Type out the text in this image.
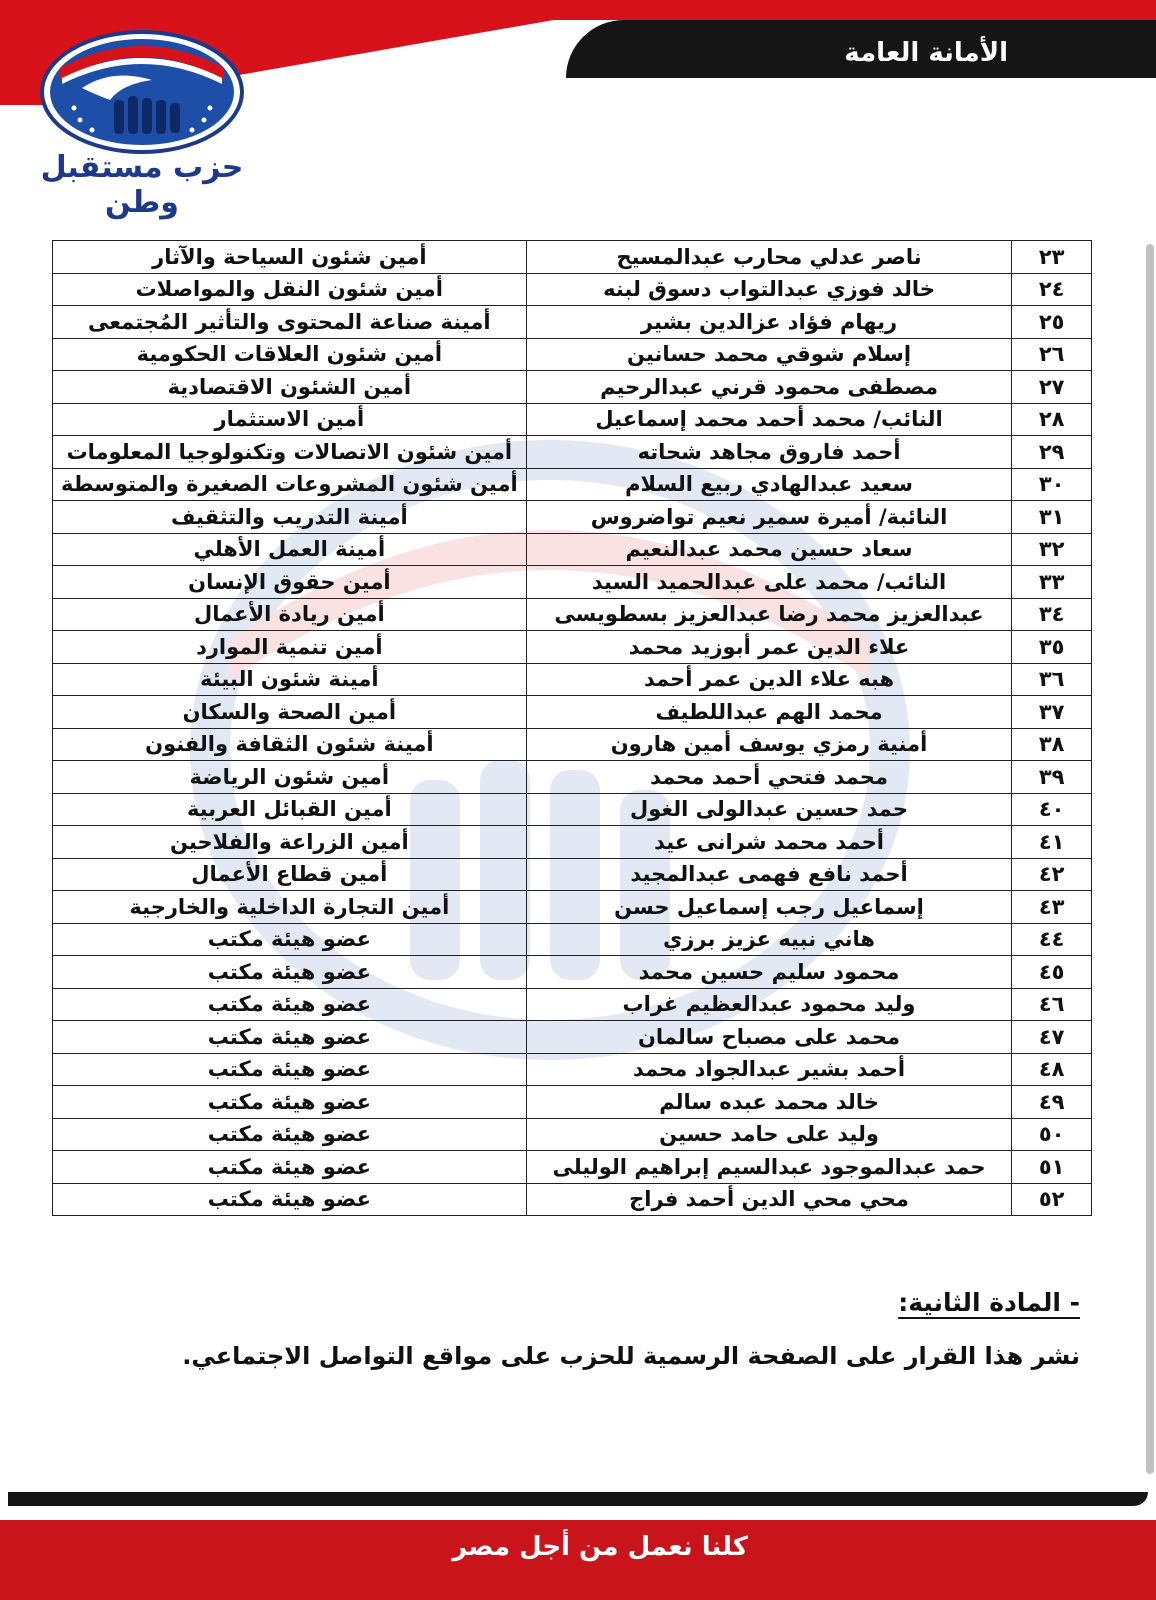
الأمانة العامة
حزب مستقبل وطن
٢٣	ناصر عدلي محارب عبدالمسيح	أمين شئون السياحة والآثار
٢٤	خالد فوزي عبدالتواب دسوق لبنه	أمين شئون النقل والمواصلات
٢٥	ريهام فؤاد عزالدين بشير	أمينة صناعة المحتوى والتأثير المُجتمعى
٢٦	إسلام شوقي محمد حسانين	أمين شئون العلاقات الحكومية
٢٧	مصطفى محمود قرني عبدالرحيم	أمين الشئون الاقتصادية
٢٨	النائب/ محمد أحمد محمد إسماعيل	أمين الاستثمار
٢٩	أحمد فاروق مجاهد شحاته	أمين شئون الاتصالات وتكنولوجيا المعلومات
٣٠	سعيد عبدالهادي ربيع السلام	أمين شئون المشروعات الصغيرة والمتوسطة
٣١	النائبة/ أميرة سمير نعيم تواضروس	أمينة التدريب والتثقيف
٣٢	سعاد حسين محمد عبدالنعيم	أمينة العمل الأهلي
٣٣	النائب/ محمد على عبدالحميد السيد	أمين حقوق الإنسان
٣٤	عبدالعزيز محمد رضا عبدالعزيز بسطويسى	أمين ريادة الأعمال
٣٥	علاء الدين عمر أبوزيد محمد	أمين تنمية الموارد
٣٦	هبه علاء الدين عمر أحمد	أمينة شئون البيئة
٣٧	محمد الهم عبداللطيف	أمين الصحة والسكان
٣٨	أمنية رمزي يوسف أمين هارون	أمينة شئون الثقافة والفنون
٣٩	محمد فتحي أحمد محمد	أمين شئون الرياضة
٤٠	حمد حسين عبدالولى الغول	أمين القبائل العربية
٤١	أحمد محمد شرانى عيد	أمين الزراعة والفلاحين
٤٢	أحمد نافع فهمى عبدالمجيد	أمين قطاع الأعمال
٤٣	إسماعيل رجب إسماعيل حسن	أمين التجارة الداخلية والخارجية
٤٤	هاني نبيه عزيز برزي	عضو هيئة مكتب
٤٥	محمود سليم حسين محمد	عضو هيئة مكتب
٤٦	وليد محمود عبدالعظيم غراب	عضو هيئة مكتب
٤٧	محمد على مصباح سالمان	عضو هيئة مكتب
٤٨	أحمد بشير عبدالجواد محمد	عضو هيئة مكتب
٤٩	خالد محمد عبده سالم	عضو هيئة مكتب
٥٠	وليد على حامد حسين	عضو هيئة مكتب
٥١	حمد عبدالموجود عبدالسيم إبراهيم الوليلى	عضو هيئة مكتب
٥٢	محي محي الدين أحمد فراج	عضو هيئة مكتب
- المادة الثانية:
نشر هذا القرار على الصفحة الرسمية للحزب على مواقع التواصل الاجتماعي.
كلنا نعمل من أجل مصر
